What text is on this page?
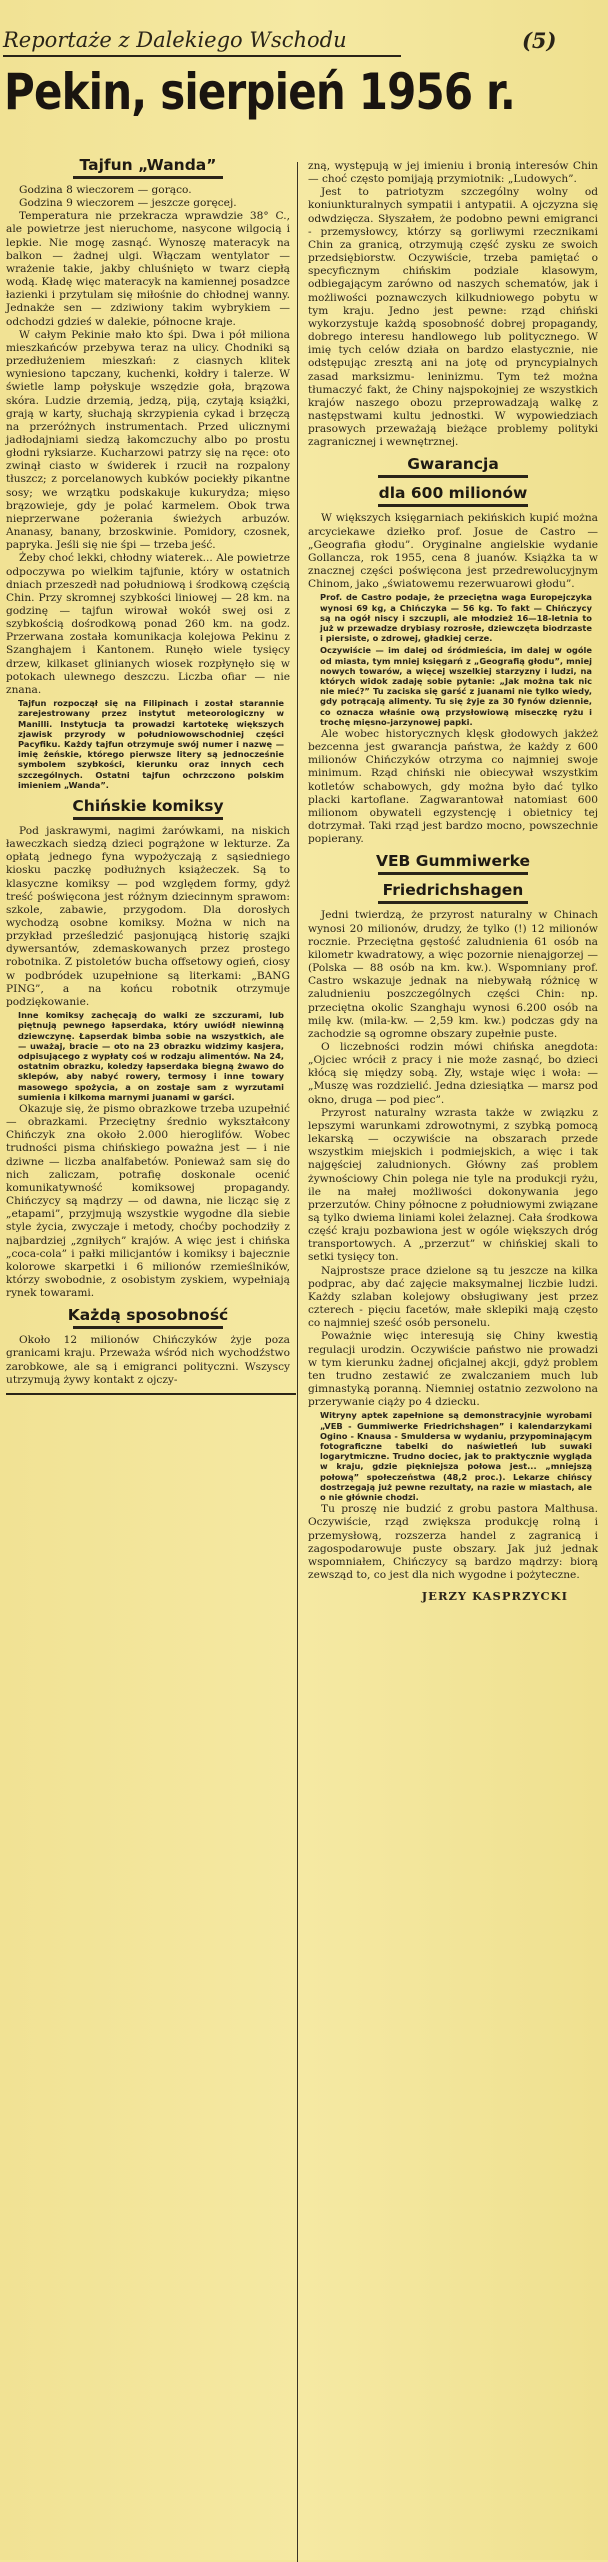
Reportaże z Dalekiego Wschodu	(5)
Pekin, sierpień 1956 r.
Tajfun „Wanda”

Godzina 8 wieczorem — gorąco.

Godzina 9 wieczorem — jeszcze goręcej.

Temperatura nie przekracza wprawdzie 38° C., ale powietrze jest nieruchome, nasycone wilgocią i lepkie. Nie mogę zasnąć. Wynoszę materacyk na balkon — żadnej ulgi. Włączam wentylator — wrażenie takie, jakby chluśnięto w twarz ciepłą wodą. Kładę więc materacyk na kamiennej posadzce łazienki i przytulam się miłośnie do chłodnej wanny. Jednakże sen — zdziwiony takim wybrykiem — odchodzi gdzieś w dalekie, północne kraje.

W całym Pekinie mało kto śpi. Dwa i pół miliona mieszkańców przebywa teraz na ulicy. Chodniki są przedłużeniem mieszkań: z ciasnych klitek wyniesiono tapczany, kuchenki, kołdry i talerze. W świetle lamp połyskuje wszędzie goła, brązowa skóra. Ludzie drzemią, jedzą, piją, czytają książki, grają w karty, słuchają skrzypienia cykad i brzęczą na przeróżnych instrumentach. Przed ulicznymi jadłodajniami siedzą łakomczuchy albo po prostu głodni ryksiarze. Kucharzowi patrzy się na ręce: oto zwinął ciasto w świderek i rzucił na rozpalony tłuszcz; z porcelanowych kubków pociekły pikantne sosy; we wrzątku podskakuje kukurydza; mięso brązowieje, gdy je polać karmelem. Obok trwa nieprzerwane pożerania świeżych arbuzów. Ananasy, banany, brzoskwinie. Pomidory, czosnek, papryka. Jeśli się nie śpi — trzeba jeść.

Żeby choć lekki, chłodny wiaterek... Ale powietrze odpoczywa po wielkim tajfunie, który w ostatnich dniach przeszedł nad południową i środkową częścią Chin. Przy skromnej szybkości liniowej — 28 km. na godzinę — tajfun wirował wokół swej osi z szybkością dośrodkową ponad 260 km. na godz. Przerwana została komunikacja kolejowa Pekinu z Szanghajem i Kantonem. Runęło wiele tysięcy drzew, kilkaset glinianych wiosek rozpłynęło się w potokach ulewnego deszczu. Liczba ofiar — nie znana.

Tajfun rozpoczął się na Filipinach i został starannie zarejestrowany przez instytut meteorologiczny w Manilli. Instytucja ta prowadzi kartotekę większych zjawisk przyrody w południowowschodniej części Pacyfiku. Każdy tajfun otrzymuje swój numer i nazwę — imię żeńskie, którego pierwsze litery są jednocześnie symbolem szybkości, kierunku oraz innych cech szczególnych. Ostatni tajfun ochrzczono polskim imieniem „Wanda”.

Chińskie komiksy

Pod jaskrawymi, nagimi żarówkami, na niskich ławeczkach siedzą dzieci pogrążone w lekturze. Za opłatą jednego fyna wypożyczają z sąsiedniego kiosku paczkę podłużnych książeczek. Są to klasyczne komiksy — pod względem formy, gdyż treść poświęcona jest różnym dziecinnym sprawom: szkole, zabawie, przygodom. Dla dorosłych wychodzą osobne komiksy. Można w nich na przykład prześledzić pasjonującą historię szajki dywersantów, zdemaskowanych przez prostego robotnika. Z pistoletów bucha offsetowy ogień, ciosy w podbródek uzupełnione są literkami: „BANG PING”, a na końcu robotnik otrzymuje podziękowanie.

Inne komiksy zachęcają do walki ze szczurami, lub piętnują pewnego łapserdaka, który uwiódł niewinną dziewczynę. Łapserdak bimba sobie na wszystkich, ale — uważaj, bracie — oto na 23 obrazku widzimy kasjera, odpisującego z wypłaty coś w rodzaju alimentów. Na 24, ostatnim obrazku, koledzy łapserdaka biegną żwawo do sklepów, aby nabyć rowery, termosy i inne towary masowego spożycia, a on zostaje sam z wyrzutami sumienia i kilkoma marnymi juanami w garści.

Okazuje się, że pismo obrazkowe trzeba uzupełnić — obrazkami. Przeciętny średnio wykształcony Chińczyk zna około 2.000 hieroglifów. Wobec trudności pisma chińskiego poważna jest — i nie dziwne — liczba analfabetów. Ponieważ sam się do nich zaliczam, potrafię doskonale ocenić komunikatywność komiksowej propagandy. Chińczycy są mądrzy — od dawna, nie licząc się z „etapami”, przyjmują wszystkie wygodne dla siebie style życia, zwyczaje i metody, choćby pochodziły z najbardziej „zgniłych” krajów. A więc jest i chińska „coca-cola” i pałki milicjantów i komiksy i bajecznie kolorowe skarpetki i 6 milionów rzemieślników, którzy swobodnie, z osobistym zyskiem, wypełniają rynek towarami.

Każdą sposobność

Około 12 milionów Chińczyków żyje poza granicami kraju. Przeważa wśród nich wychodźstwo zarobkowe, ale są i emigranci polityczni. Wszyscy utrzymują żywy kontakt z ojczy-

zną, występują w jej imieniu i bronią interesów Chin — choć często pomijają przymiotnik: „Ludowych”.

Jest to patriotyzm szczególny wolny od koniunkturalnych sympatii i antypatii. A ojczyzna się odwdzięcza. Słyszałem, że podobno pewni emigranci - przemysłowcy, którzy są gorliwymi rzecznikami Chin za granicą, otrzymują część zysku ze swoich przedsiębiorstw. Oczywiście, trzeba pamiętać o specyficznym chińskim podziale klasowym, odbiegającym zarówno od naszych schematów, jak i możliwości poznawczych kilkudniowego pobytu w tym kraju. Jedno jest pewne: rząd chiński wykorzystuje każdą sposobność dobrej propagandy, dobrego interesu handlowego lub politycznego. W imię tych celów działa on bardzo elastycznie, nie odstępując zresztą ani na jotę od pryncypialnych zasad marksizmu- leninizmu. Tym też można tłumaczyć fakt, że Chiny najspokojniej ze wszystkich krajów naszego obozu przeprowadzają walkę z następstwami kultu jednostki. W wypowiedziach prasowych przeważają bieżące problemy polityki zagranicznej i wewnętrznej.

Gwarancja
dla 600 milionów

W większych księgarniach pekińskich kupić można arcyciekawe dziełko prof. Josue de Castro — „Geografia głodu”. Oryginalne angielskie wydanie Gollancza, rok 1955, cena 8 juanów. Książka ta w znacznej części poświęcona jest przedrewolucyjnym Chinom, jako „światowemu rezerwuarowi głodu”.

Prof. de Castro podaje, że przeciętna waga Europejczyka wynosi 69 kg, a Chińczyka — 56 kg. To fakt — Chińczycy są na ogół niscy i szczupli, ale młodzież 16—18-letnia to już w przewadze drybiasy rozrosłe, dziewczęta biodrzaste i piersiste, o zdrowej, gładkiej cerze.

Oczywiście — im dalej od śródmieścia, im dalej w ogóle od miasta, tym mniej księgarń z „Geografią głodu”, mniej nowych towarów, a więcej wszelkiej starzyzny i ludzi, na których widok zadaję sobie pytanie: „Jak można tak nic nie mieć?” Tu zaciska się garść z juanami nie tylko wiedy, gdy potrącają alimenty. Tu się żyje za 30 fynów dziennie, co oznacza właśnie ową przysłowiową miseczkę ryżu i trochę mięsno-jarzynowej papki.

Ale wobec historycznych klęsk głodowych jakżeż bezcenna jest gwarancja państwa, że każdy z 600 milionów Chińczyków otrzyma co najmniej swoje minimum. Rząd chiński nie obiecywał wszystkim kotletów schabowych, gdy można było dać tylko placki kartoflane. Zagwarantował natomiast 600 milionom obywateli egzystencję i obietnicy tej dotrzymał. Taki rząd jest bardzo mocno, powszechnie popierany.

VEB Gummiwerke
Friedrichshagen

Jedni twierdzą, że przyrost naturalny w Chinach wynosi 20 milionów, drudzy, że tylko (!) 12 milionów rocznie. Przeciętna gęstość zaludnienia 61 osób na kilometr kwadratowy, a więc pozornie nienajgorzej — (Polska — 88 osób na km. kw.). Wspomniany prof. Castro wskazuje jednak na niebywałą różnicę w zaludnieniu poszczególnych części Chin: np. przeciętna okolic Szanghaju wynosi 6.200 osób na milę kw. (mila-kw. — 2,59 km. kw.) podczas gdy na zachodzie są ogromne obszary zupełnie puste.

O liczebności rodzin mówi chińska anegdota: „Ojciec wrócił z pracy i nie może zasnąć, bo dzieci kłócą się między sobą. Zły, wstaje więc i woła: — „Muszę was rozdzielić. Jedna dziesiątka — marsz pod okno, druga — pod piec”.

Przyrost naturalny wzrasta także w związku z lepszymi warunkami zdrowotnymi, z szybką pomocą lekarską — oczywiście na obszarach przede wszystkim miejskich i podmiejskich, a więc i tak najgęściej zaludnionych. Główny zaś problem żywnościowy Chin polega nie tyle na produkcji ryżu, ile na małej możliwości dokonywania jego przerzutów. Chiny północne z południowymi związane są tylko dwiema liniami kolei żelaznej. Cała środkowa część kraju pozbawiona jest w ogóle większych dróg transportowych. A „przerzut” w chińskiej skali to setki tysięcy ton.

Najprostsze prace dzielone są tu jeszcze na kilka podprac, aby dać zajęcie maksymalnej liczbie ludzi. Każdy szlaban kolejowy obsługiwany jest przez czterech - pięciu facetów, małe sklepiki mają często co najmniej sześć osób personelu.

Poważnie więc interesują się Chiny kwestią regulacji urodzin. Oczywiście państwo nie prowadzi w tym kierunku żadnej oficjalnej akcji, gdyż problem ten trudno zestawić ze zwalczaniem much lub gimnastyką poranną. Niemniej ostatnio zezwolono na przerywanie ciąży po 4 dziecku.

Witryny aptek zapełnione są demonstracyjnie wyrobami „VEB - Gummiwerke Friedrichshagen” i kalendarzykami Ogino - Knausa - Smuldersa w wydaniu, przypominającym fotograficzne tabelki do naświetleń lub suwaki logarytmiczne. Trudno dociec, jak to praktycznie wygląda w kraju, gdzie piękniejsza połowa jest... „mniejszą połową” społeczeństwa (48,2 proc.). Lekarze chińscy dostrzegają już pewne rezultaty, na razie w miastach, ale o nie głównie chodzi.

Tu proszę nie budzić z grobu pastora Malthusa. Oczywiście, rząd zwiększa produkcję rolną i przemysłową, rozszerza handel z zagranicą i zagospodarowuje puste obszary. Jak już jednak wspomniałem, Chińczycy są bardzo mądrzy: biorą zewsząd to, co jest dla nich wygodne i pożyteczne.

JERZY KASPRZYCKI
